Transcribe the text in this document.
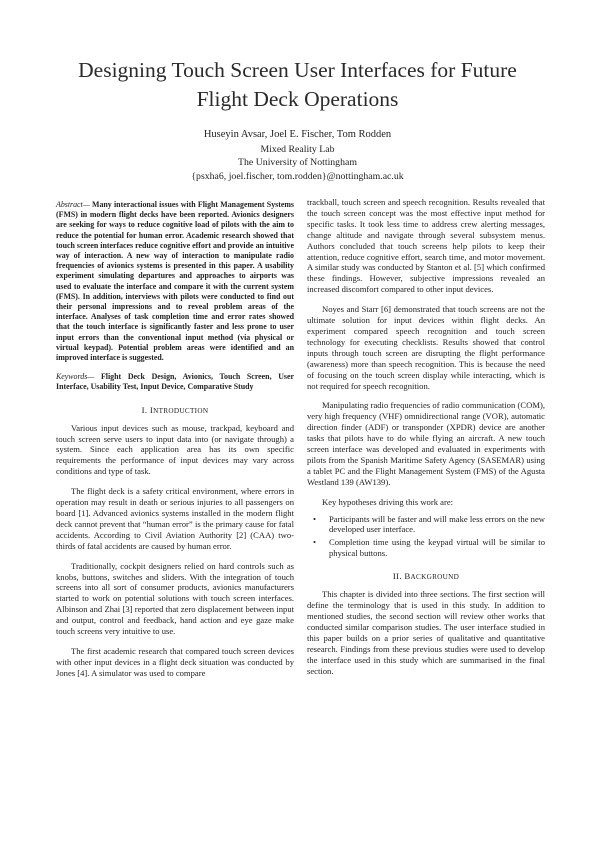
Designing Touch Screen User Interfaces for Future
Flight Deck Operations
Huseyin Avsar, Joel E. Fischer, Tom Rodden
Mixed Reality Lab
The University of Nottingham
{psxha6, joel.fischer, tom.rodden}@nottingham.ac.uk

Abstract— Many interactional issues with Flight Management Systems (FMS) in modern flight decks have been reported. Avionics designers are seeking for ways to reduce cognitive load of pilots with the aim to reduce the potential for human error. Academic research showed that touch screen interfaces reduce cognitive effort and provide an intuitive way of interaction. A new way of interaction to manipulate radio frequencies of avionics systems is presented in this paper. A usability experiment simulating departures and approaches to airports was used to evaluate the interface and compare it with the current system (FMS). In addition, interviews with pilots were conducted to find out their personal impressions and to reveal problem areas of the interface. Analyses of task completion time and error rates showed that the touch interface is significantly faster and less prone to user input errors than the conventional input method (via physical or virtual keypad). Potential problem areas were identified and an improved interface is suggested.

Keywords— Flight Deck Design, Avionics, Touch Screen, User Interface, Usability Test, Input Device, Comparative Study

I. INTRODUCTION

Various input devices such as mouse, trackpad, keyboard and touch screen serve users to input data into (or navigate through) a system. Since each application area has its own specific requirements the performance of input devices may vary across conditions and type of task.

The flight deck is a safety critical environment, where errors in operation may result in death or serious injuries to all passengers on board [1]. Advanced avionics systems installed in the modern flight deck cannot prevent that “human error” is the primary cause for fatal accidents. According to Civil Aviation Authority [2] (CAA) two-thirds of fatal accidents are caused by human error.

Traditionally, cockpit designers relied on hard controls such as knobs, buttons, switches and sliders. With the integration of touch screens into all sort of consumer products, avionics manufacturers started to work on potential solutions with touch screen interfaces. Albinson and Zhai [3] reported that zero displacement between input and output, control and feedback, hand action and eye gaze make touch screens very intuitive to use.

The first academic research that compared touch screen devices with other input devices in a flight deck situation was conducted by Jones [4]. A simulator was used to compare

trackball, touch screen and speech recognition. Results revealed that the touch screen concept was the most effective input method for specific tasks. It took less time to address crew alerting messages, change altitude and navigate through several subsystem menus. Authors concluded that touch screens help pilots to keep their attention, reduce cognitive effort, search time, and motor movement. A similar study was conducted by Stanton et al. [5] which confirmed these findings. However, subjective impressions revealed an increased discomfort compared to other input devices.

Noyes and Starr [6] demonstrated that touch screens are not the ultimate solution for input devices within flight decks. An experiment compared speech recognition and touch screen technology for executing checklists. Results showed that control inputs through touch screen are disrupting the flight performance (awareness) more than speech recognition. This is because the need of focusing on the touch screen display while interacting, which is not required for speech recognition.

Manipulating radio frequencies of radio communication (COM), very high frequency (VHF) omnidirectional range (VOR), automatic direction finder (ADF) or transponder (XPDR) device are another tasks that pilots have to do while flying an aircraft. A new touch screen interface was developed and evaluated in experiments with pilots from the Spanish Maritime Safety Agency (SASEMAR) using a tablet PC and the Flight Management System (FMS) of the Agusta Westland 139 (AW139).

Key hypotheses driving this work are:

• Participants will be faster and will make less errors on the new developed user interface.
• Completion time using the keypad virtual will be similar to physical buttons.
II. BACKGROUND

This chapter is divided into three sections. The first section will define the terminology that is used in this study. In addition to mentioned studies, the second section will review other works that conducted similar comparison studies. The user interface studied in this paper builds on a prior series of qualitative and quantitative research. Findings from these previous studies were used to develop the interface used in this study which are summarised in the final section.
